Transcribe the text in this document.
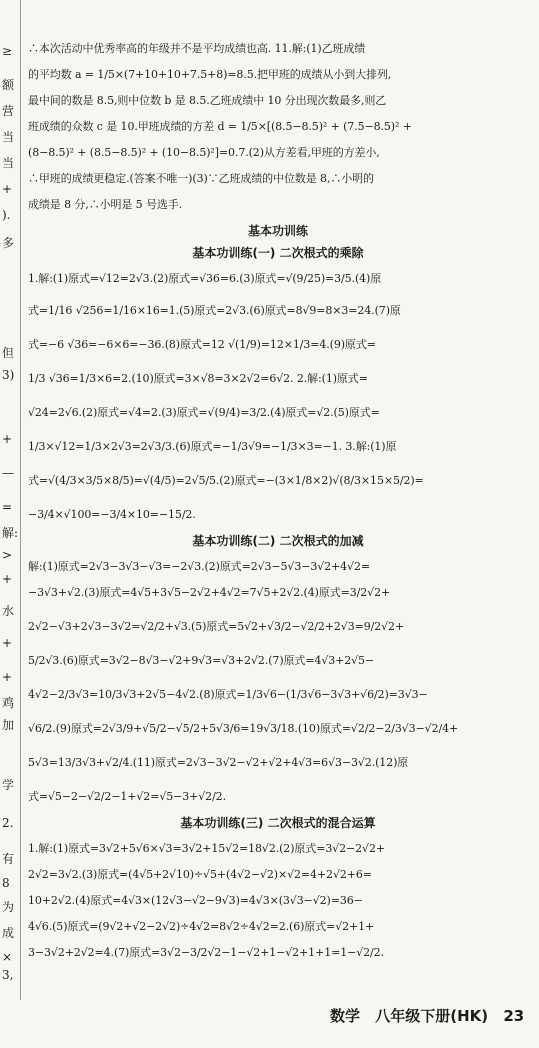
≥
额
营
当
当
+
).
多
但
3)
+
—
=
解:
>
+
水
+
+
鸡
加
学
2.
有
8
为
成
×
3,

∴本次活动中优秀率高的年级并不是平均成绩也高. 11.解:(1)乙班成绩

的平均数 a = 1/5×(7+10+10+7.5+8)=8.5.把甲班的成绩从小到大排列,

最中间的数是 8.5,则中位数 b 是 8.5.乙班成绩中 10 分出现次数最多,则乙

班成绩的众数 c 是 10.甲班成绩的方差 d = 1/5×[(8.5−8.5)² + (7.5−8.5)² +

(8−8.5)² + (8.5−8.5)² + (10−8.5)²]=0.7.(2)从方差看,甲班的方差小,

∴甲班的成绩更稳定.(答案不唯一)(3)∵乙班成绩的中位数是 8,∴小明的

成绩是 8 分,∴小明是 5 号选手.

基本功训练

基本功训练(一) 二次根式的乘除

1.解:(1)原式=√12=2√3.(2)原式=√36=6.(3)原式=√(9/25)=3/5.(4)原

式=1/16 √256=1/16×16=1.(5)原式=2√3.(6)原式=8√9=8×3=24.(7)原

式=−6 √36=−6×6=−36.(8)原式=12 √(1/9)=12×1/3=4.(9)原式=

1/3 √36=1/3×6=2.(10)原式=3×√8=3×2√2=6√2. 2.解:(1)原式=

√24=2√6.(2)原式=√4=2.(3)原式=√(9/4)=3/2.(4)原式=√2.(5)原式=

1/3×√12=1/3×2√3=2√3/3.(6)原式=−1/3√9=−1/3×3=−1. 3.解:(1)原

式=√(4/3×3/5×8/5)=√(4/5)=2√5/5.(2)原式=−(3×1/8×2)√(8/3×15×5/2)=

−3/4×√100=−3/4×10=−15/2.

基本功训练(二) 二次根式的加减

解:(1)原式=2√3−3√3−√3=−2√3.(2)原式=2√3−5√3−3√2+4√2=

−3√3+√2.(3)原式=4√5+3√5−2√2+4√2=7√5+2√2.(4)原式=3/2√2+

2√2−√3+2√3−3√2=√2/2+√3.(5)原式=5√2+√3/2−√2/2+2√3=9/2√2+

5/2√3.(6)原式=3√2−8√3−√2+9√3=√3+2√2.(7)原式=4√3+2√5−

4√2−2/3√3=10/3√3+2√5−4√2.(8)原式=1/3√6−(1/3√6−3√3+√6/2)=3√3−

√6/2.(9)原式=2√3/9+√5/2−√5/2+5√3/6=19√3/18.(10)原式=√2/2−2/3√3−√2/4+

5√3=13/3√3+√2/4.(11)原式=2√3−3√2−√2+√2+4√3=6√3−3√2.(12)原

式=√5−2−√2/2−1+√2=√5−3+√2/2.

基本功训练(三) 二次根式的混合运算

1.解:(1)原式=3√2+5√6×√3=3√2+15√2=18√2.(2)原式=3√2−2√2+

2√2=3√2.(3)原式=(4√5+2√10)÷√5+(4√2−√2)×√2=4+2√2+6=

10+2√2.(4)原式=4√3×(12√3−√2−9√3)=4√3×(3√3−√2)=36−

4√6.(5)原式=(9√2+√2−2√2)÷4√2=8√2÷4√2=2.(6)原式=√2+1+

3−3√2+2√2=4.(7)原式=3√2−3/2√2−1−√2+1−√2+1+1=1−√2/2.

数学 八年级下册(HK) 23
